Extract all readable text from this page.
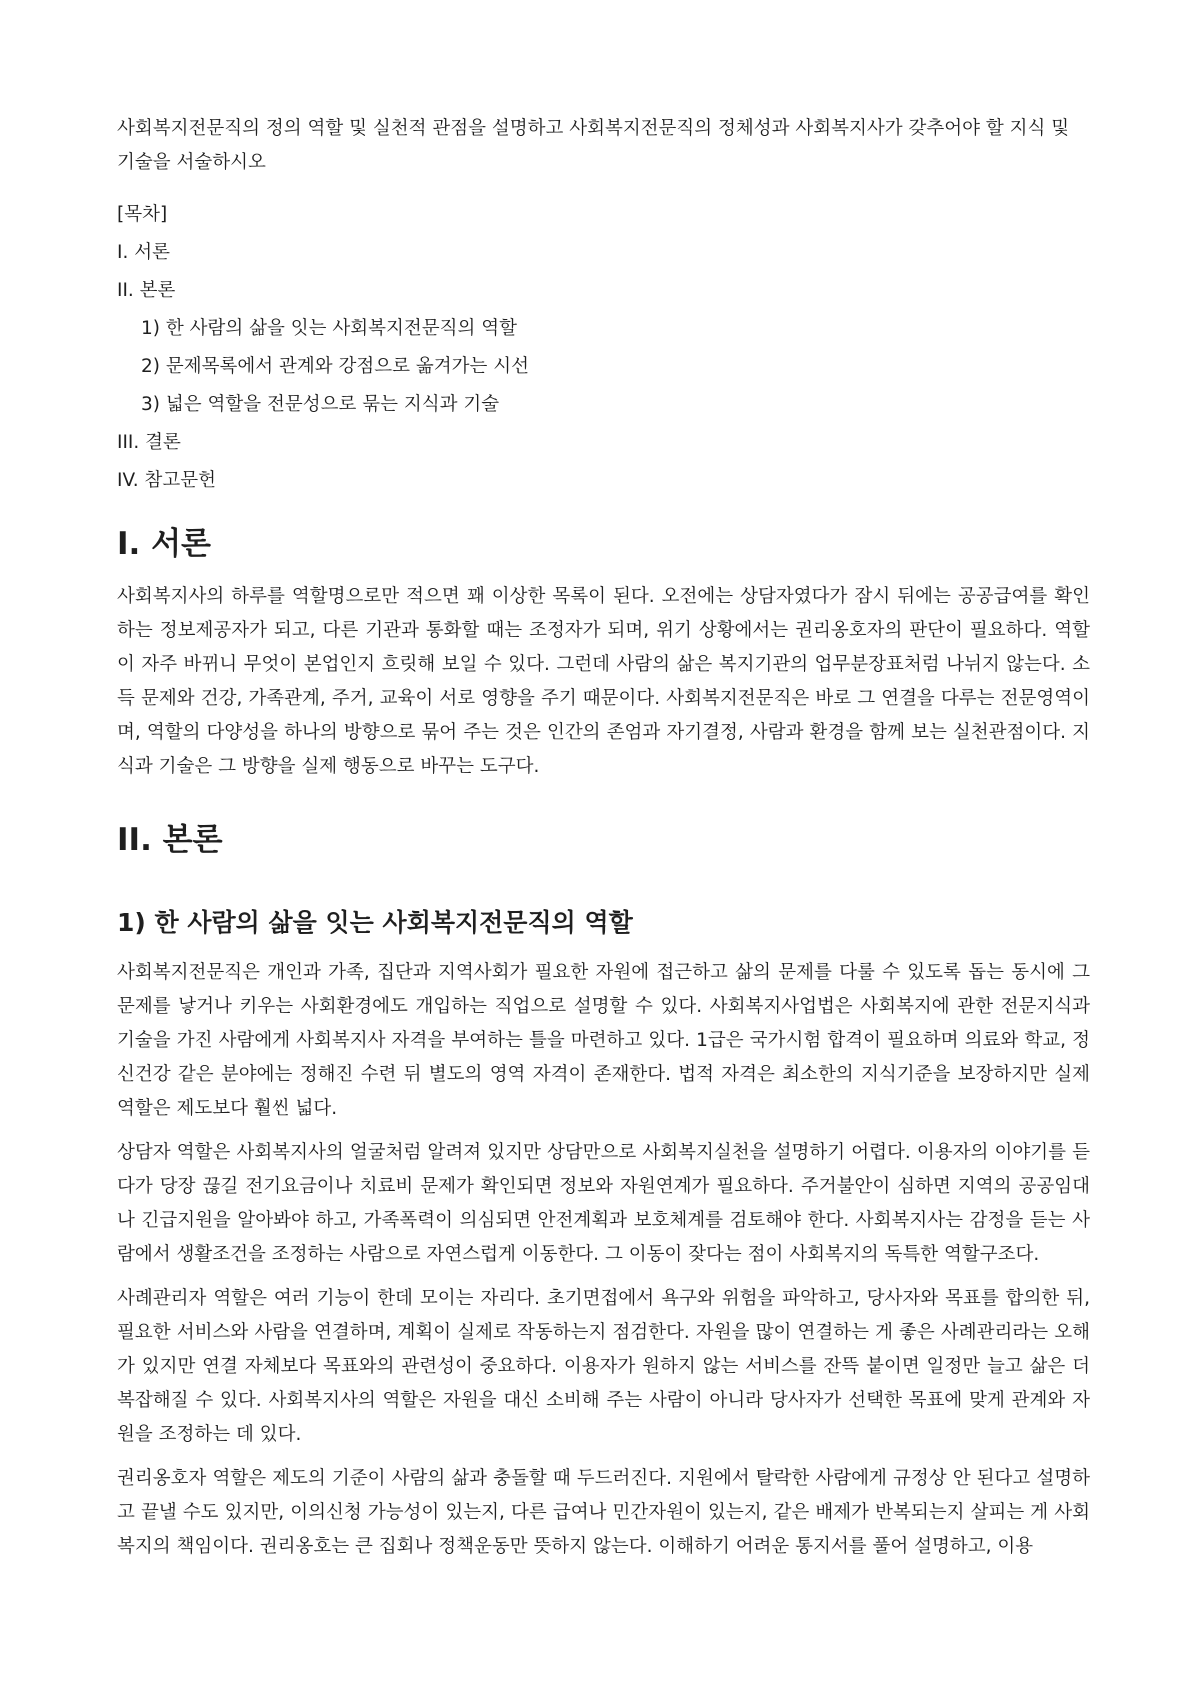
사회복지전문직의 정의 역할 및 실천적 관점을 설명하고 사회복지전문직의 정체성과 사회복지사가 갖추어야 할 지식 및 기술을 서술하시오

[목차]
I. 서론
II. 본론
1) 한 사람의 삶을 잇는 사회복지전문직의 역할
2) 문제목록에서 관계와 강점으로 옮겨가는 시선
3) 넓은 역할을 전문성으로 묶는 지식과 기술
III. 결론
IV. 참고문헌
I. 서론

사회복지사의 하루를 역할명으로만 적으면 꽤 이상한 목록이 된다. 오전에는 상담자였다가 잠시 뒤에는 공공급여를 확인하는 정보제공자가 되고, 다른 기관과 통화할 때는 조정자가 되며, 위기 상황에서는 권리옹호자의 판단이 필요하다. 역할이 자주 바뀌니 무엇이 본업인지 흐릿해 보일 수 있다. 그런데 사람의 삶은 복지기관의 업무분장표처럼 나뉘지 않는다. 소득 문제와 건강, 가족관계, 주거, 교육이 서로 영향을 주기 때문이다. 사회복지전문직은 바로 그 연결을 다루는 전문영역이며, 역할의 다양성을 하나의 방향으로 묶어 주는 것은 인간의 존엄과 자기결정, 사람과 환경을 함께 보는 실천관점이다. 지식과 기술은 그 방향을 실제 행동으로 바꾸는 도구다.

II. 본론
1) 한 사람의 삶을 잇는 사회복지전문직의 역할

사회복지전문직은 개인과 가족, 집단과 지역사회가 필요한 자원에 접근하고 삶의 문제를 다룰 수 있도록 돕는 동시에 그 문제를 낳거나 키우는 사회환경에도 개입하는 직업으로 설명할 수 있다. 사회복지사업법은 사회복지에 관한 전문지식과 기술을 가진 사람에게 사회복지사 자격을 부여하는 틀을 마련하고 있다. 1급은 국가시험 합격이 필요하며 의료와 학교, 정신건강 같은 분야에는 정해진 수련 뒤 별도의 영역 자격이 존재한다. 법적 자격은 최소한의 지식기준을 보장하지만 실제 역할은 제도보다 훨씬 넓다.

상담자 역할은 사회복지사의 얼굴처럼 알려져 있지만 상담만으로 사회복지실천을 설명하기 어렵다. 이용자의 이야기를 듣다가 당장 끊길 전기요금이나 치료비 문제가 확인되면 정보와 자원연계가 필요하다. 주거불안이 심하면 지역의 공공임대나 긴급지원을 알아봐야 하고, 가족폭력이 의심되면 안전계획과 보호체계를 검토해야 한다. 사회복지사는 감정을 듣는 사람에서 생활조건을 조정하는 사람으로 자연스럽게 이동한다. 그 이동이 잦다는 점이 사회복지의 독특한 역할구조다.

사례관리자 역할은 여러 기능이 한데 모이는 자리다. 초기면접에서 욕구와 위험을 파악하고, 당사자와 목표를 합의한 뒤, 필요한 서비스와 사람을 연결하며, 계획이 실제로 작동하는지 점검한다. 자원을 많이 연결하는 게 좋은 사례관리라는 오해가 있지만 연결 자체보다 목표와의 관련성이 중요하다. 이용자가 원하지 않는 서비스를 잔뜩 붙이면 일정만 늘고 삶은 더 복잡해질 수 있다. 사회복지사의 역할은 자원을 대신 소비해 주는 사람이 아니라 당사자가 선택한 목표에 맞게 관계와 자원을 조정하는 데 있다.

권리옹호자 역할은 제도의 기준이 사람의 삶과 충돌할 때 두드러진다. 지원에서 탈락한 사람에게 규정상 안 된다고 설명하고 끝낼 수도 있지만, 이의신청 가능성이 있는지, 다른 급여나 민간자원이 있는지, 같은 배제가 반복되는지 살피는 게 사회복지의 책임이다. 권리옹호는 큰 집회나 정책운동만 뜻하지 않는다. 이해하기 어려운 통지서를 풀어 설명하고, 이용
